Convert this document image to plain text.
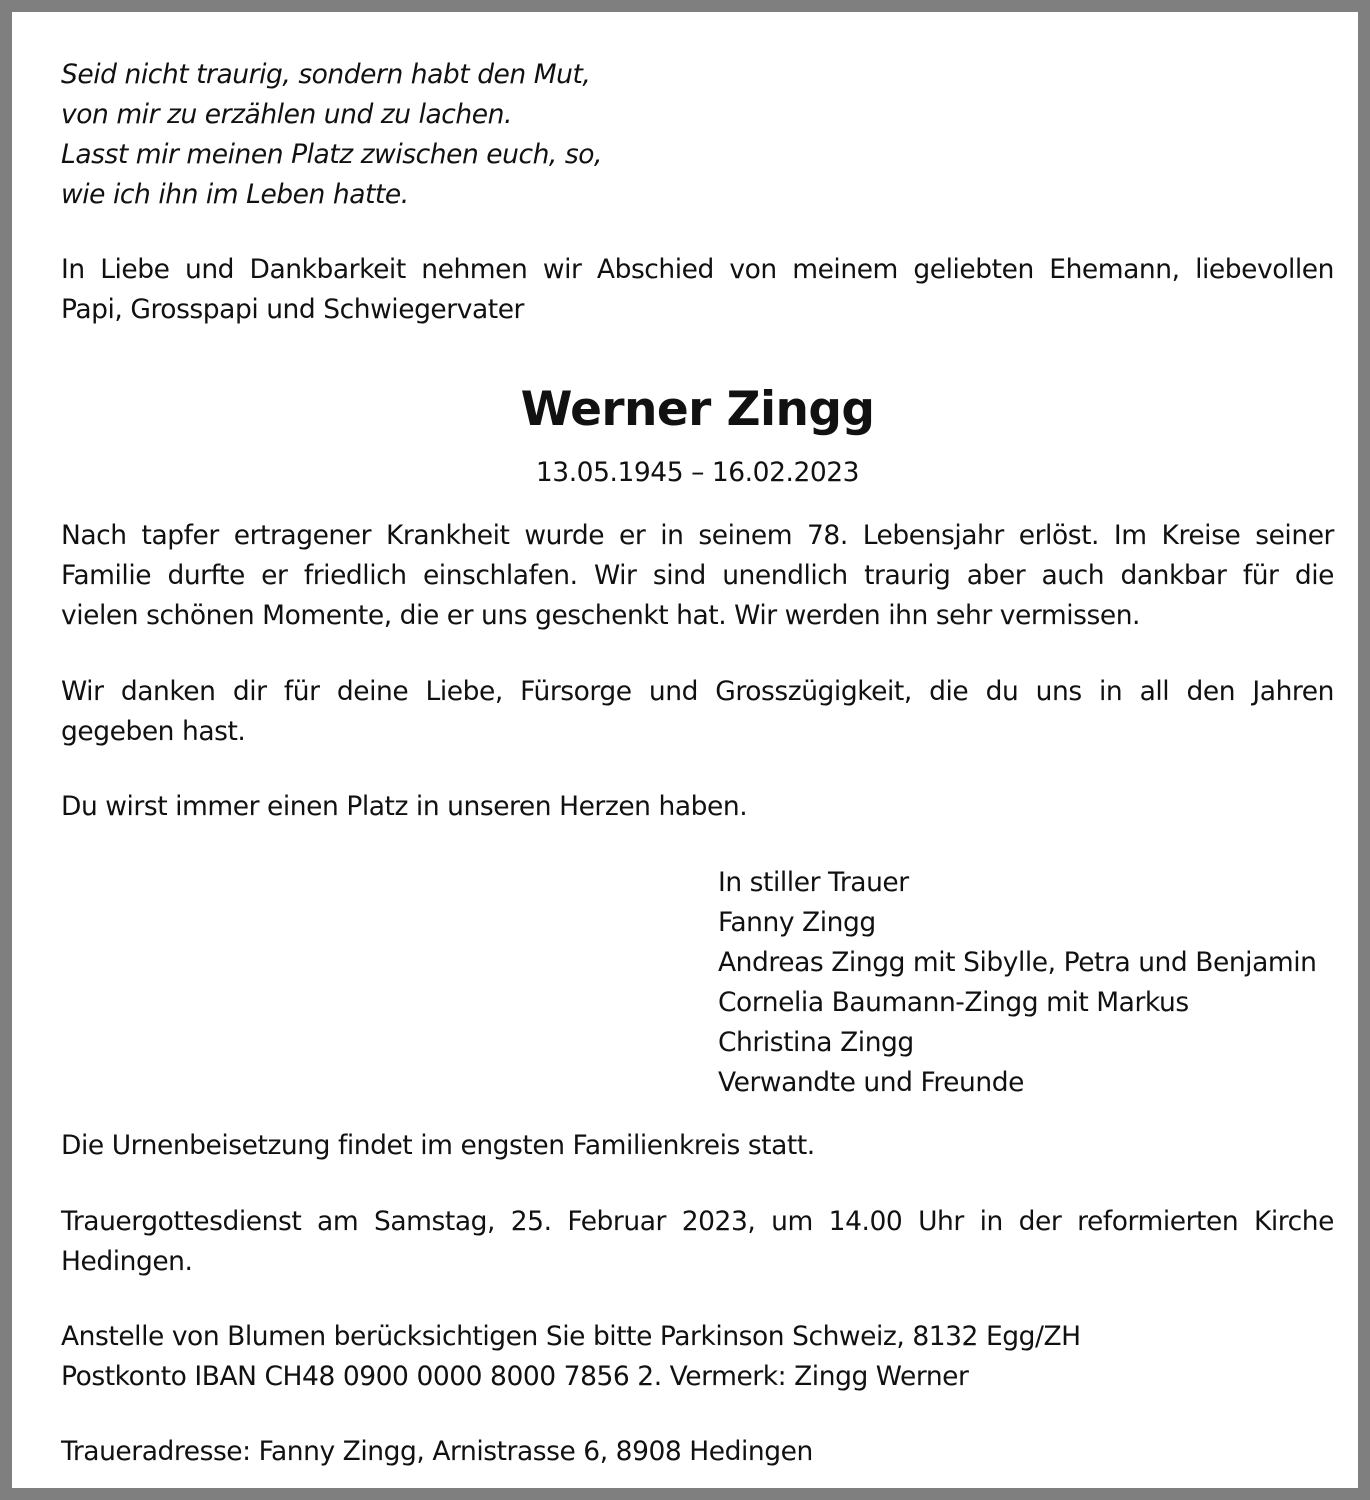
Seid nicht traurig, sondern habt den Mut,
von mir zu erzählen und zu lachen.
Lasst mir meinen Platz zwischen euch, so,
wie ich ihn im Leben hatte.
In Liebe und Dankbarkeit nehmen wir Abschied von meinem geliebten Ehemann, liebevollen
Papi, Grosspapi und Schwiegervater
Werner Zingg
13.05.1945 – 16.02.2023
Nach tapfer ertragener Krankheit wurde er in seinem 78. Lebensjahr erlöst. Im Kreise seiner
Familie durfte er friedlich einschlafen. Wir sind unendlich traurig aber auch dankbar für die
vielen schönen Momente, die er uns geschenkt hat. Wir werden ihn sehr vermissen.
Wir danken dir für deine Liebe, Fürsorge und Grosszügigkeit, die du uns in all den Jahren
gegeben hast.
Du wirst immer einen Platz in unseren Herzen haben.
In stiller Trauer
Fanny Zingg
Andreas Zingg mit Sibylle, Petra und Benjamin
Cornelia Baumann-Zingg mit Markus
Christina Zingg
Verwandte und Freunde
Die Urnenbeisetzung findet im engsten Familienkreis statt.
Trauergottesdienst am Samstag, 25. Februar 2023, um 14.00 Uhr in der reformierten Kirche
Hedingen.
Anstelle von Blumen berücksichtigen Sie bitte Parkinson Schweiz, 8132 Egg/ZH
Postkonto IBAN CH48 0900 0000 8000 7856 2. Vermerk: Zingg Werner
Traueradresse: Fanny Zingg, Arnistrasse 6, 8908 Hedingen
